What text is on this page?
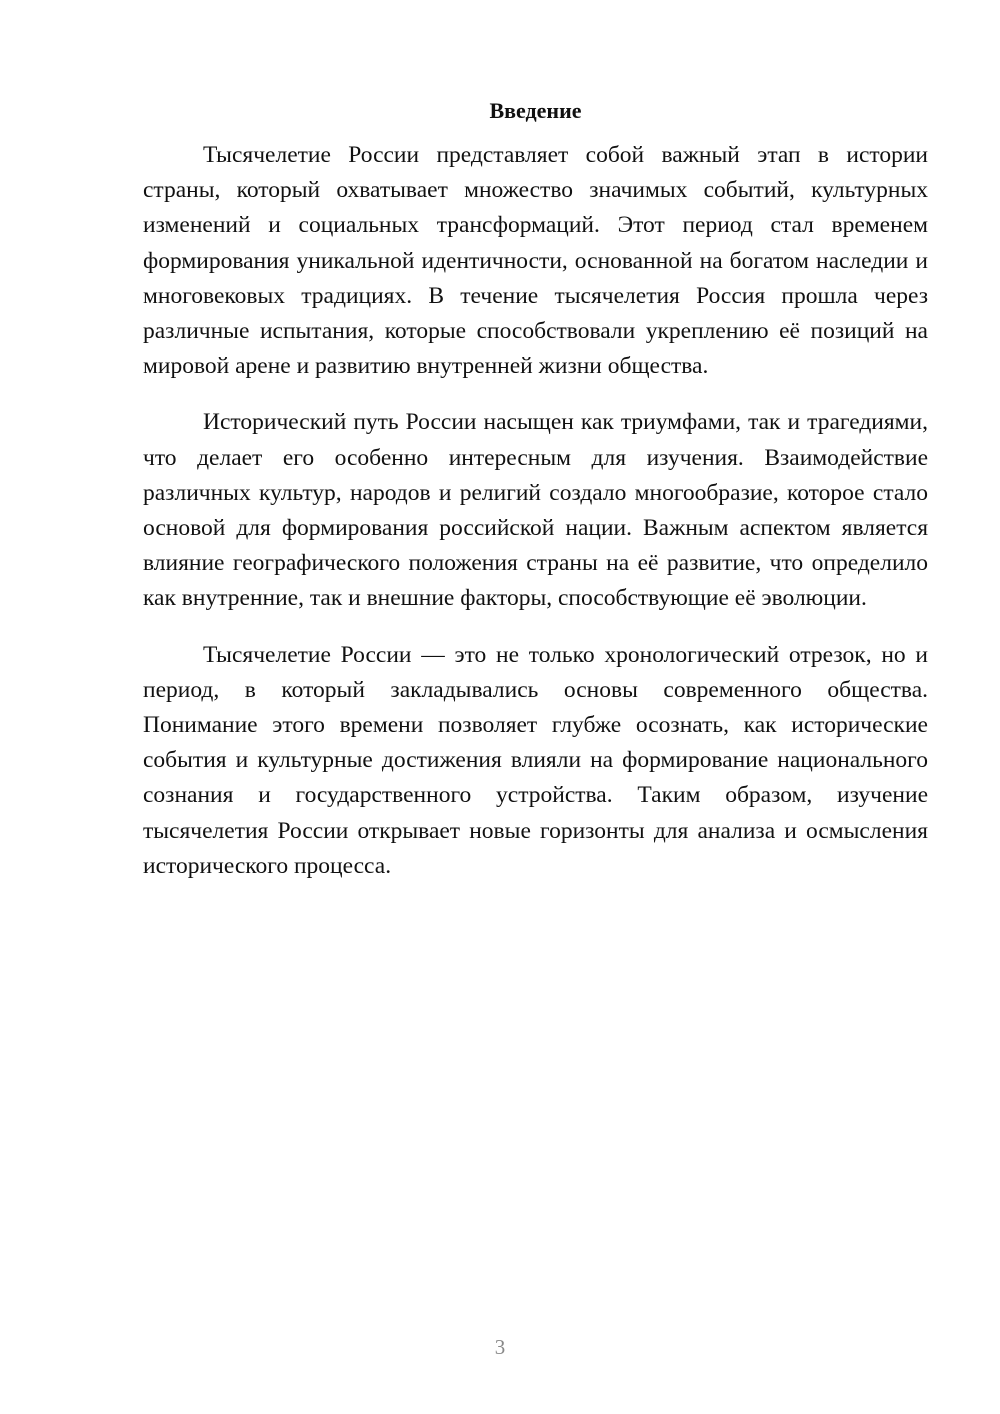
Введение

Тысячелетие России представляет собой важный этап в истории страны, который охватывает множество значимых событий, культурных изменений и социальных трансформаций. Этот период стал временем формирования уникальной идентичности, основанной на богатом наследии и многовековых традициях. В течение тысячелетия Россия прошла через различные испытания, которые способствовали укреплению её позиций на мировой арене и развитию внутренней жизни общества.

Исторический путь России насыщен как триумфами, так и трагедиями, что делает его особенно интересным для изучения. Взаимодействие различных культур, народов и религий создало многообразие, которое стало основой для формирования российской нации. Важным аспектом является влияние географического положения страны на её развитие, что определило как внутренние, так и внешние факторы, способствующие её эволюции.

Тысячелетие России — это не только хронологический отрезок, но и период, в который закладывались основы современного общества. Понимание этого времени позволяет глубже осознать, как исторические события и культурные достижения влияли на формирование национального сознания и государственного устройства. Таким образом, изучение тысячелетия России открывает новые горизонты для анализа и осмысления исторического процесса.

3
